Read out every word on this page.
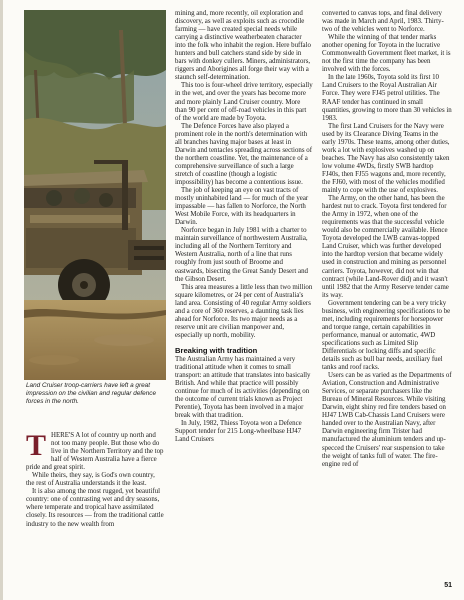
Land Cruiser troop-carriers have left a great impression on the civilian and regular defence forces in the north.

T HERE'S A lot of country up north and not too many people. But those who do live in the Northern Territory and the top half of Western Australia have a fierce pride and great spirit.

While theirs, they say, is God's own country, the rest of Australia understands it the least.

It is also among the most rugged, yet beautiful country: one of contrasting wet and dry seasons, where temperate and tropical have assimilated closely. Its resources — from the traditional cattle industry to the new wealth from

mining and, more recently, oil exploration and discovery, as well as exploits such as crocodile farming — have created special needs while carrying a distinctive weatherbeaten character into the folk who inhabit the region. Here buffalo hunters and bull catchers stand side by side in bars with donkey cullers. Miners, administrators, riggers and Aborigines all forge their way with a staunch self-determination.

This too is four-wheel drive territory, especially in the wet, and over the years has become more and more plainly Land Cruiser country. More than 90 per cent of off-road vehicles in this part of the world are made by Toyota.

The Defence Forces have also played a prominent role in the north's determination with all branches having major bases at least in Darwin and tentacles spreading across sections of the northern coastline. Yet, the maintenance of a comprehensive surveillance of such a large stretch of coastline (though a logistic impossibility) has become a contentious issue.

The job of keeping an eye on vast tracts of mostly uninhabited land — for much of the year impassable — has fallen to Norforce, the North West Mobile Force, with its headquarters in Darwin.

Norforce began in July 1981 with a charter to maintain surveillance of northwestern Australia, including all of the Northern Territory and Western Australia, north of a line that runs roughly from just south of Broome and eastwards, bisecting the Great Sandy Desert and the Gibson Desert.

This area measures a little less than two million square kilometres, or 24 per cent of Australia's land area. Consisting of 40 regular Army soldiers and a core of 360 reserves, a daunting task lies ahead for Norforce. Its two major needs as a reserve unit are civilian manpower and, especially up north, mobility.

Breaking with tradition

The Australian Army has maintained a very traditional attitude when it comes to small transport: an attitude that translates into basically British. And while that practice will possibly continue for much of its activities (depending on the outcome of current trials known as Project Perentie), Toyota has been involved in a major break with that tradition.

In July, 1982, Thiess Toyota won a Defence Support tender for 215 Long-wheelbase HJ47 Land Cruisers

converted to canvas tops, and final delivery was made in March and April, 1983. Thirty-two of the vehicles went to Norforce.

While the winning of that tender marks another opening for Toyota in the lucrative Commonwealth Government fleet market, it is not the first time the company has been involved with the forces.

In the late 1960s, Toyota sold its first 10 Land Cruisers to the Royal Australian Air Force. They were FJ45 petrol utilities. The RAAF tender has continued in small quantities, growing to more than 30 vehicles in 1983.

The first Land Cruisers for the Navy were used by its Clearance Diving Teams in the early 1970s. These teams, among other duties, work a lot with explosives washed up on beaches. The Navy has also consistently taken low volume 4WDs, firstly SWB hardtop FJ40s, then FJ55 wagons and, more recently, the FJ60, with most of the vehicles modified mainly to cope with the use of explosives.

The Army, on the other hand, has been the hardest nut to crack. Toyota first tendered for the Army in 1972, when one of the requirements was that the successful vehicle would also be commercially available. Hence Toyota developed the LWB canvas-topped Land Cruiser, which was further developed into the hardtop version that became widely used in construction and mining as personnel carriers. Toyota, however, did not win that contract (while Land-Rover did) and it wasn't until 1982 that the Army Reserve tender came its way.

Government tendering can be a very tricky business, with engineering specifications to be met, including requirements for horsepower and torque range, certain capabilities in performance, manual or automatic, 4WD specifications such as Limited Slip Differentials or locking diffs and specific details such as bull bar needs, auxiliary fuel tanks and roof racks.

Users can be as varied as the Departments of Aviation, Construction and Administrative Services, or separate purchasers like the Bureau of Mineral Resources. While visiting Darwin, eight shiny red fire tenders based on HJ47 LWB Cab-Chassis Land Cruisers were handed over to the Australian Navy, after Darwin engineering firm Trister had manufactured the aluminium tenders and up-specced the Cruisers' rear suspension to take the weight of tanks full of water. The fire-engine red of

51
